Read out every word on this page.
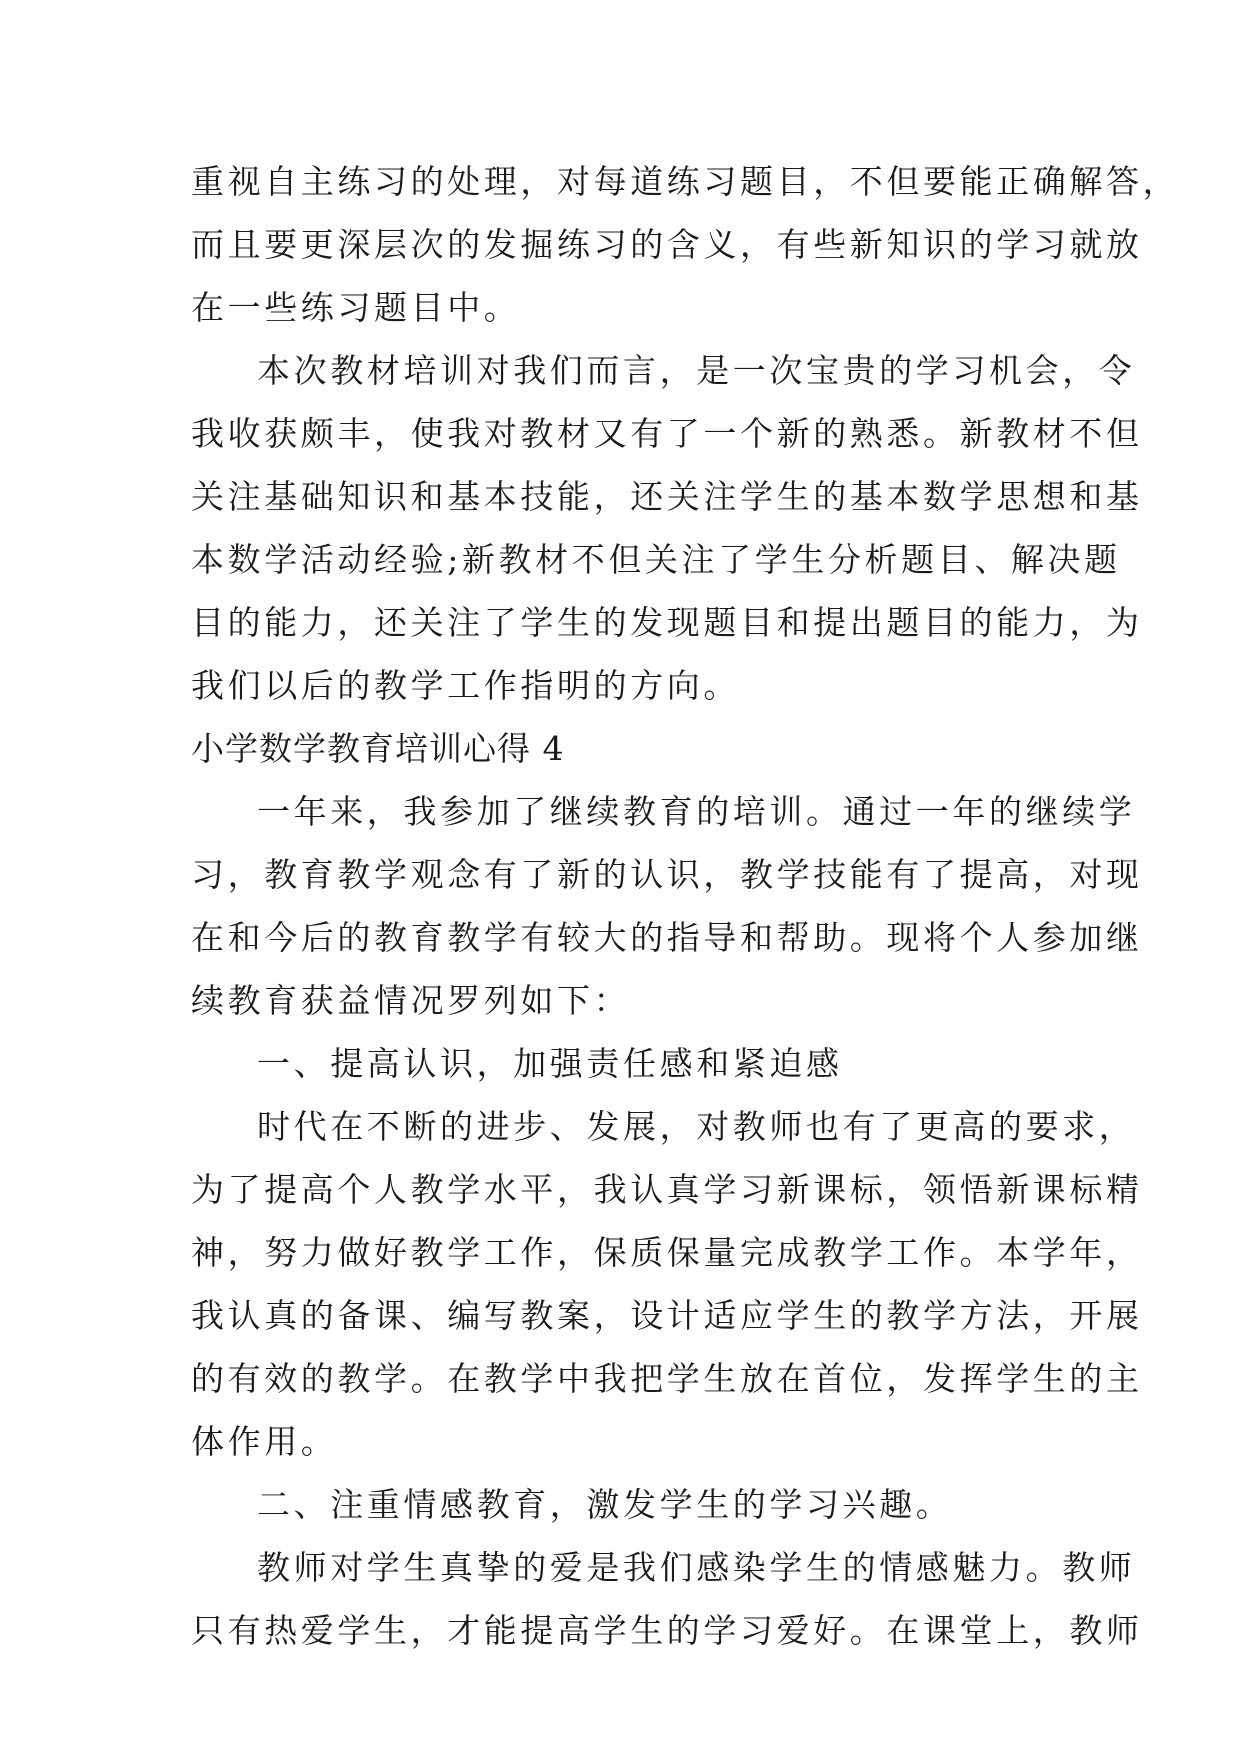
重视自主练习的处理，对每道练习题目，不但要能正确解答，
而且要更深层次的发掘练习的含义，有些新知识的学习就放
在一些练习题目中。
本次教材培训对我们而言，是一次宝贵的学习机会，令
我收获颇丰，使我对教材又有了一个新的熟悉。新教材不但
关注基础知识和基本技能，还关注学生的基本数学思想和基
本数学活动经验;新教材不但关注了学生分析题目、解决题
目的能力，还关注了学生的发现题目和提出题目的能力，为
我们以后的教学工作指明的方向。
小学数学教育培训心得 4
一年来，我参加了继续教育的培训。通过一年的继续学
习，教育教学观念有了新的认识，教学技能有了提高，对现
在和今后的教育教学有较大的指导和帮助。现将个人参加继
续教育获益情况罗列如下：
一、提高认识，加强责任感和紧迫感
时代在不断的进步、发展，对教师也有了更高的要求，
为了提高个人教学水平，我认真学习新课标，领悟新课标精
神，努力做好教学工作，保质保量完成教学工作。本学年，
我认真的备课、编写教案，设计适应学生的教学方法，开展
的有效的教学。在教学中我把学生放在首位，发挥学生的主
体作用。
二、注重情感教育，激发学生的学习兴趣。
教师对学生真挚的爱是我们感染学生的情感魅力。教师
只有热爱学生，才能提高学生的学习爱好。在课堂上，教师
